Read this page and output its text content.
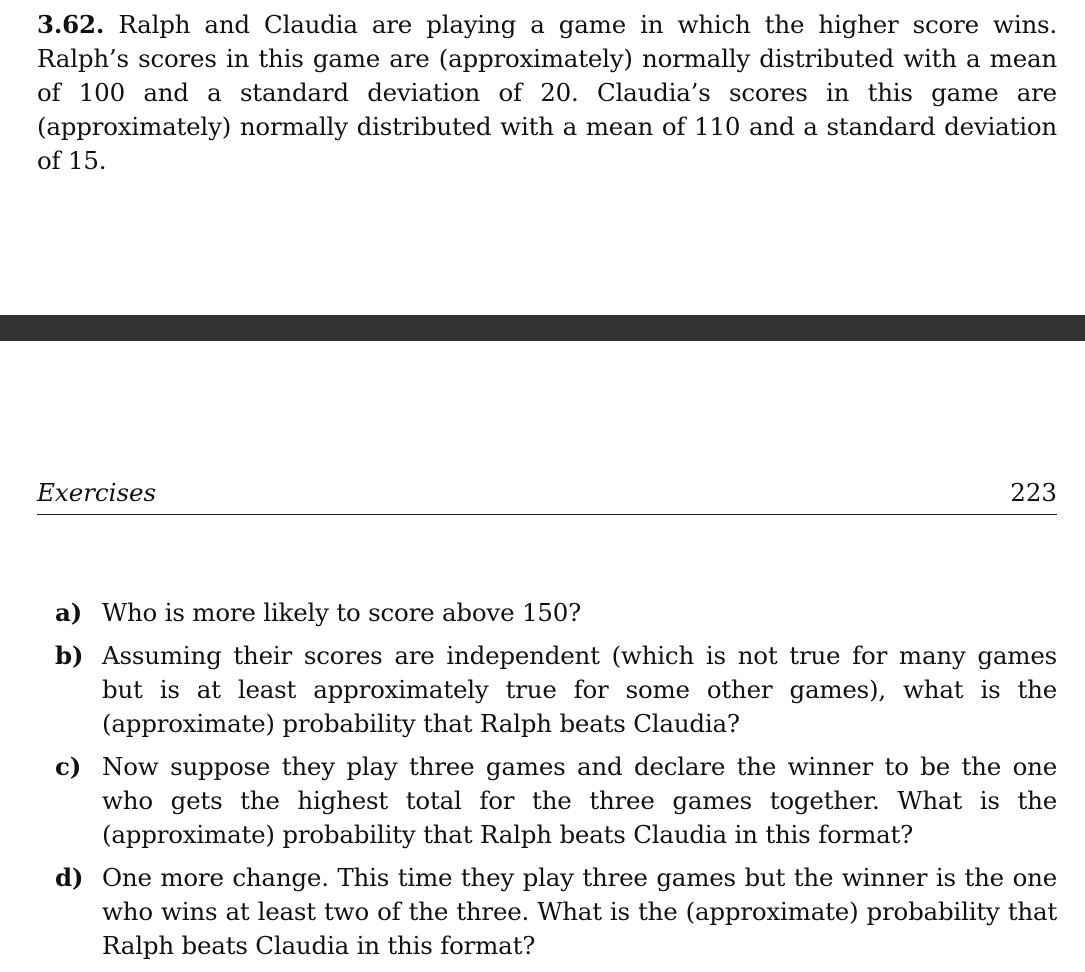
3.62. Ralph and Claudia are playing a game in which the higher score wins. Ralph’s scores in this game are (approximately) normally distributed with a mean of 100 and a standard deviation of 20. Claudia’s scores in this game are (approximately) normally distributed with a mean of 110 and a standard deviation of 15.
Exercises	223
a) Who is more likely to score above 150?
b) Assuming their scores are independent (which is not true for many games but is at least approximately true for some other games), what is the (approximate) probability that Ralph beats Claudia?
c) Now suppose they play three games and declare the winner to be the one who gets the highest total for the three games together. What is the (approximate) probability that Ralph beats Claudia in this format?
d) One more change. This time they play three games but the winner is the one who wins at least two of the three. What is the (approximate) probability that Ralph beats Claudia in this format?
